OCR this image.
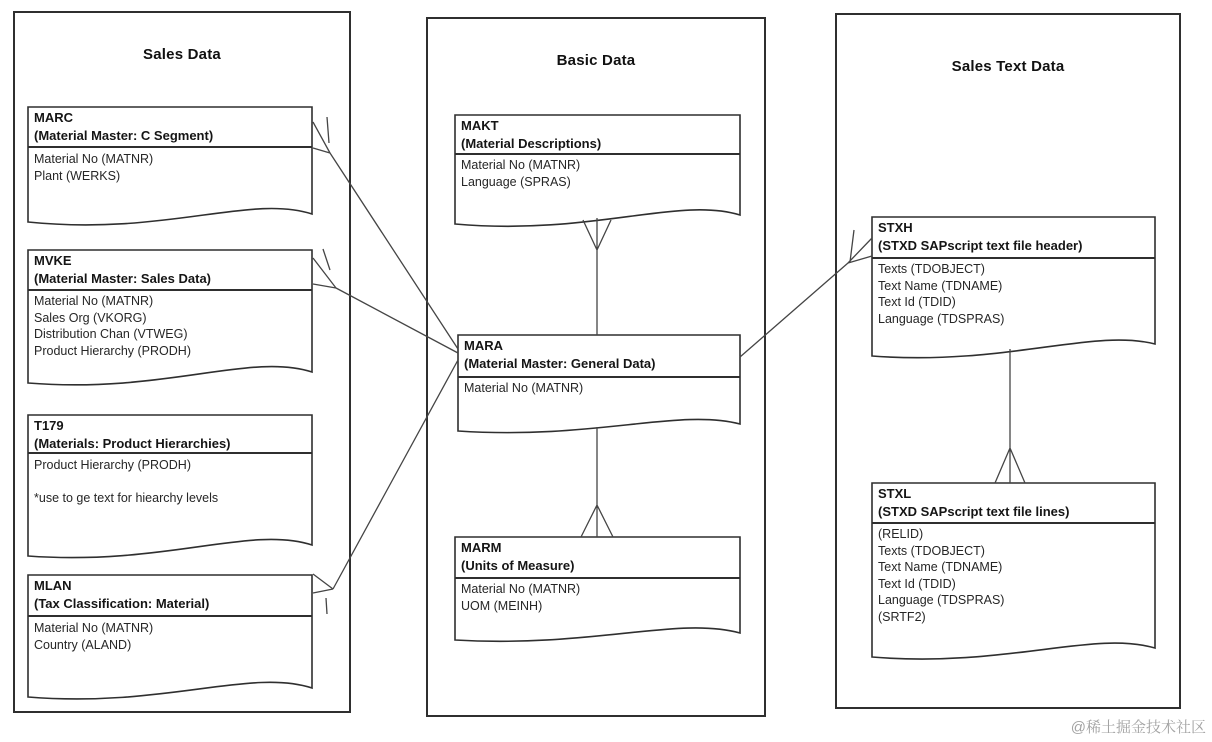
Sales Data	Basic Data	Sales Text Data
MARC
(Material Master: C Segment)
Material No (MATNR)
Plant (WERKS)
MVKE
(Material Master: Sales Data)
Material No (MATNR)
Sales Org (VKORG)
Distribution Chan (VTWEG)
Product Hierarchy (PRODH)
T179
(Materials: Product Hierarchies)
Product Hierarchy (PRODH)
*use to ge text for hiearchy levels
MLAN
(Tax Classification: Material)
Material No (MATNR)
Country (ALAND)
MAKT
(Material Descriptions)
Material No (MATNR)
Language (SPRAS)
MARA
(Material Master: General Data)
Material No (MATNR)
MARM
(Units of Measure)
Material No (MATNR)
UOM (MEINH)
STXH
(STXD SAPscript text file header)
Texts (TDOBJECT)
Text Name (TDNAME)
Text Id (TDID)
Language (TDSPRAS)
STXL
(STXD SAPscript text file lines)
(RELID)
Texts (TDOBJECT)
Text Name (TDNAME)
Text Id (TDID)
Language (TDSPRAS)
(SRTF2)
@稀土掘金技术社区
